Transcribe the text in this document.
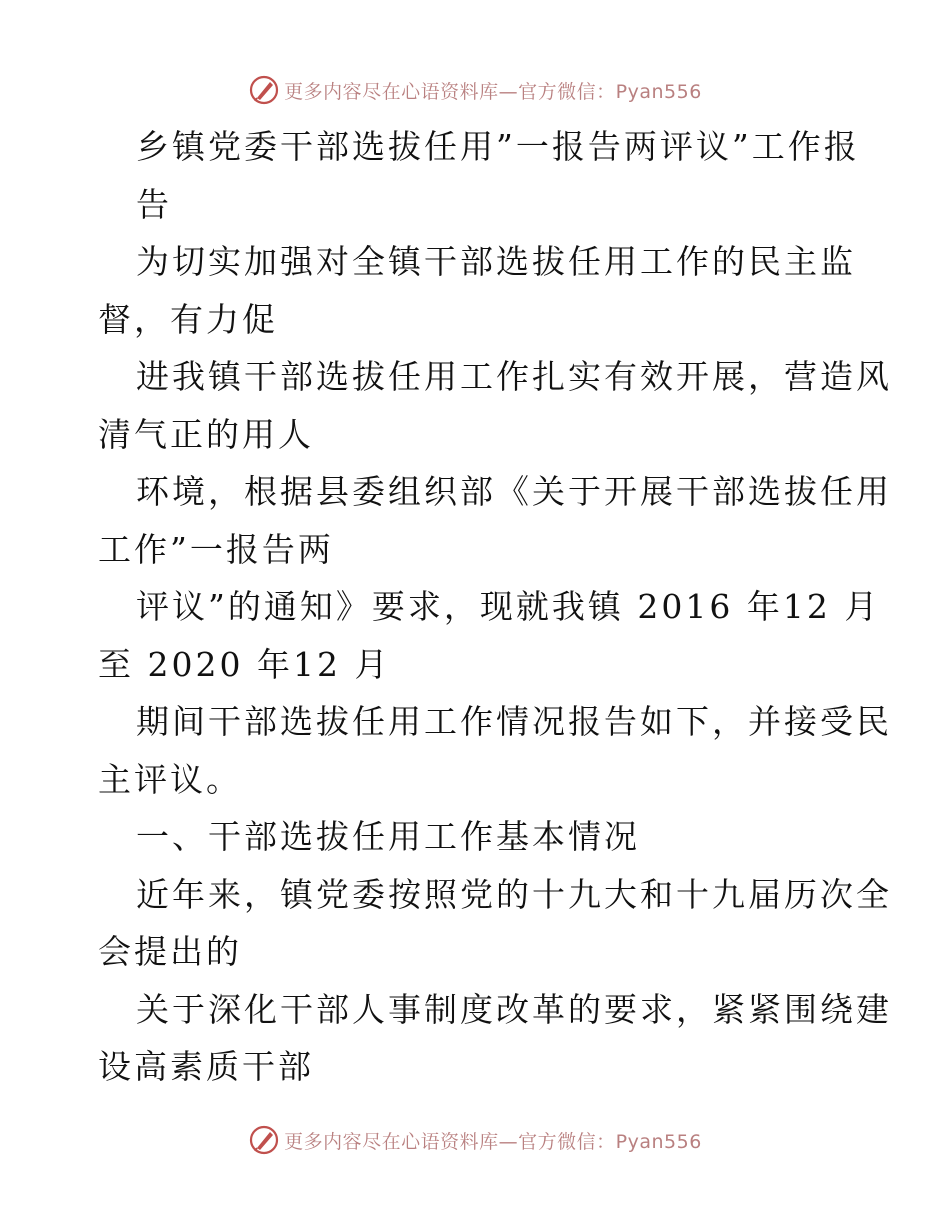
更多内容尽在心语资料库—官方微信：Pyan556
乡镇党委干部选拔任用”一报告两评议”工作报
告
为切实加强对全镇干部选拔任用工作的民主监
督，有力促
进我镇干部选拔任用工作扎实有效开展，营造风
清气正的用人
环境，根据县委组织部《关于开展干部选拔任用
工作”一报告两
评议”的通知》要求，现就我镇 2016 年12 月
至 2020 年12 月
期间干部选拔任用工作情况报告如下，并接受民
主评议。
一、干部选拔任用工作基本情况
近年来，镇党委按照党的十九大和十九届历次全
会提出的
关于深化干部人事制度改革的要求，紧紧围绕建
设高素质干部
更多内容尽在心语资料库—官方微信：Pyan556
